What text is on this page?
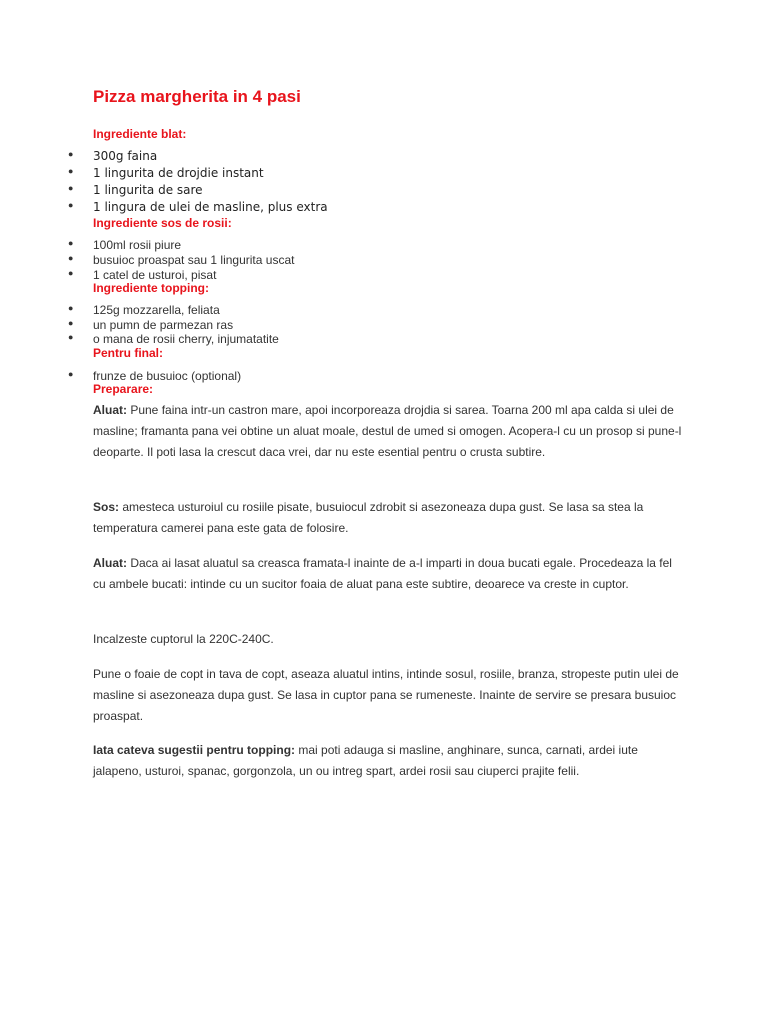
Pizza margherita in 4 pasi
Ingrediente blat:
● 300g faina
● 1 lingurita de drojdie instant
● 1 lingurita de sare
● 1 lingura de ulei de masline, plus extra
Ingrediente sos de rosii:
● 100ml rosii piure
● busuioc proaspat sau 1 lingurita uscat
● 1 catel de usturoi, pisat
Ingrediente topping:
● 125g mozzarella, feliata
● un pumn de parmezan ras
● o mana de rosii cherry, injumatatite
Pentru final:
● frunze de busuioc (optional)
Preparare:

Aluat: Pune faina intr-un castron mare, apoi incorporeaza drojdia si sarea. Toarna 200 ml apa calda si ulei de masline; framanta pana vei obtine un aluat moale, destul de umed si omogen. Acopera-l cu un prosop si pune-l deoparte. Il poti lasa la crescut daca vrei, dar nu este esential pentru o crusta subtire.

Sos: amesteca usturoiul cu rosiile pisate, busuiocul zdrobit si asezoneaza dupa gust. Se lasa sa stea la temperatura camerei pana este gata de folosire.

Aluat: Daca ai lasat aluatul sa creasca framata-l inainte de a-l imparti in doua bucati egale. Procedeaza la fel cu ambele bucati: intinde cu un sucitor foaia de aluat pana este subtire, deoarece va creste in cuptor.

Incalzeste cuptorul la 220C-240C.

Pune o foaie de copt in tava de copt, aseaza aluatul intins, intinde sosul, rosiile, branza, stropeste putin ulei de masline si asezoneaza dupa gust. Se lasa in cuptor pana se rumeneste. Inainte de servire se presara busuioc proaspat.

Iata cateva sugestii pentru topping: mai poti adauga si masline, anghinare, sunca, carnati, ardei iute jalapeno, usturoi, spanac, gorgonzola, un ou intreg spart, ardei rosii sau ciuperci prajite felii.
